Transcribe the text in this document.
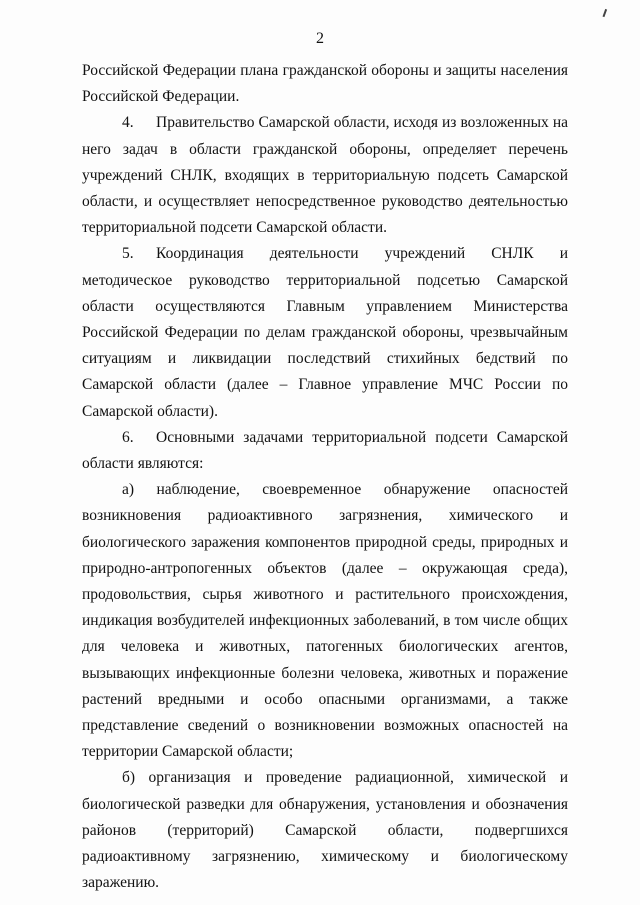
2

Российской Федерации плана гражданской обороны и защиты населения Российской Федерации.

4. Правительство Самарской области, исходя из возложенных на него задач в области гражданской обороны, определяет перечень учреждений СНЛК, входящих в территориальную подсеть Самарской области, и осуществляет непосредственное руководство деятельностью территориальной подсети Самарской области.

5. Координация деятельности учреждений СНЛК и методическое руководство территориальной подсетью Самарской области осуществляются Главным управлением Министерства Российской Федерации по делам гражданской обороны, чрезвычайным ситуациям и ликвидации последствий стихийных бедствий по Самарской области (далее – Главное управление МЧС России по Самарской области).

6. Основными задачами территориальной подсети Самарской области являются:

а) наблюдение, своевременное обнаружение опасностей возникновения радиоактивного загрязнения, химического и биологического заражения компонентов природной среды, природных и природно-антропогенных объектов (далее – окружающая среда), продовольствия, сырья животного и растительного происхождения, индикация возбудителей инфекционных заболеваний, в том числе общих для человека и животных, патогенных биологических агентов, вызывающих инфекционные болезни человека, животных и поражение растений вредными и особо опасными организмами, а также представление сведений о возникновении возможных опасностей на территории Самарской области;

б) организация и проведение радиационной, химической и биологической разведки для обнаружения, установления и обозначения районов (территорий) Самарской области, подвергшихся радиоактивному загрязнению, химическому и биологическому заражению.
